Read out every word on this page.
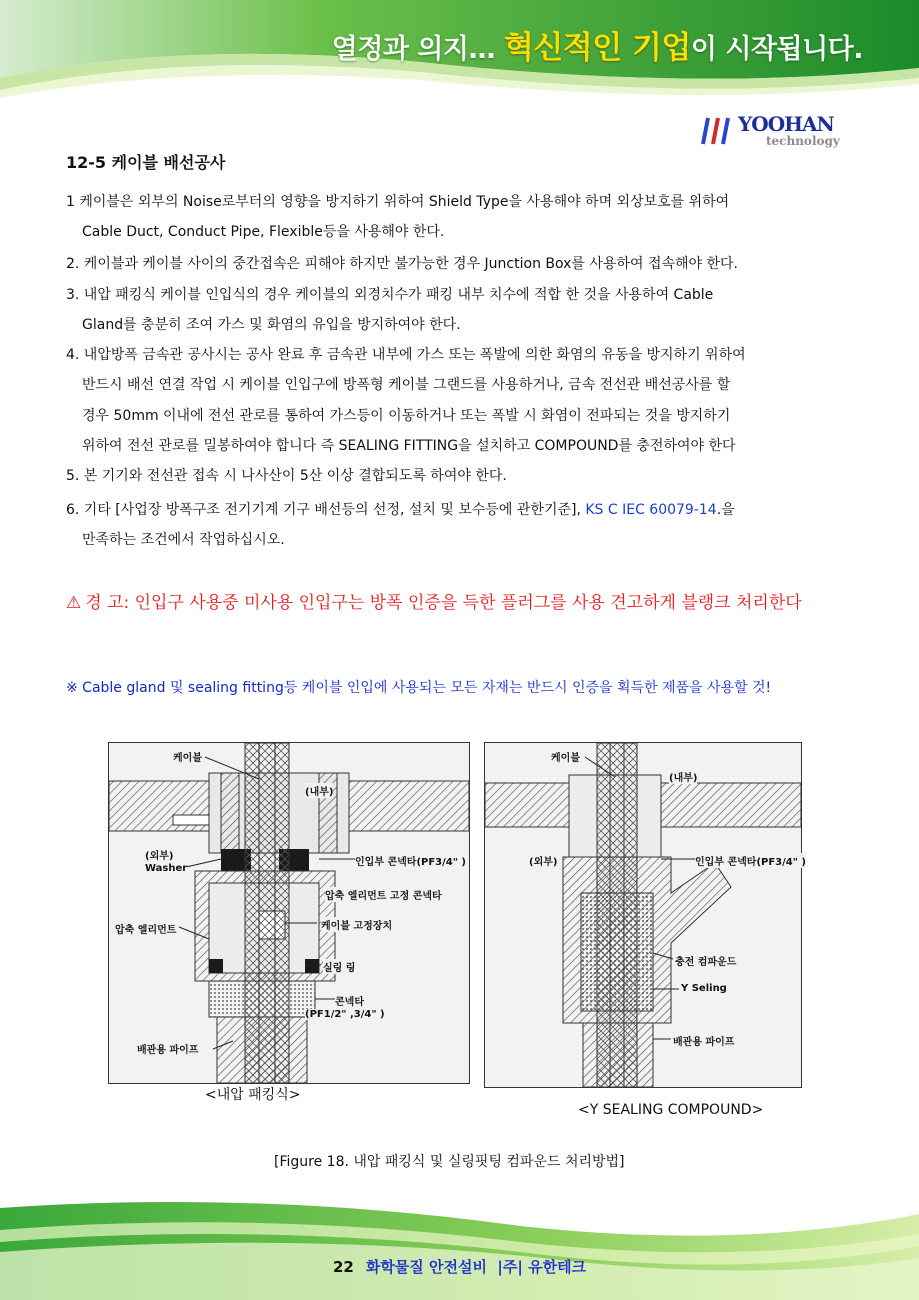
열정과 의지… 혁신적인 기업이 시작됩니다.
YOOHAN
technology
12-5 케이블 배선공사
1 케이블은 외부의 Noise로부터의 영향을 방지하기 위하여 Shield Type을 사용해야 하며 외상보호를 위하여
Cable Duct, Conduct Pipe, Flexible등을 사용해야 한다.
2. 케이블과 케이블 사이의 중간접속은 피해야 하지만 불가능한 경우 Junction Box를 사용하여 접속해야 한다.
3. 내압 패킹식 케이블 인입식의 경우 케이블의 외경치수가 패킹 내부 치수에 적합 한 것을 사용하여 Cable
Gland를 충분히 조여 가스 및 화염의 유입을 방지하여야 한다.
4. 내압방폭 금속관 공사시는 공사 완료 후 금속관 내부에 가스 또는 폭발에 의한 화염의 유동을 방지하기 위하여
반드시 배선 연결 작업 시 케이블 인입구에 방폭형 케이블 그랜드를 사용하거나, 금속 전선관 배선공사를 할
경우 50mm 이내에 전선 관로를 통하여 가스등이 이동하거나 또는 폭발 시 화염이 전파되는 것을 방지하기
위하여 전선 관로를 밀봉하여야 합니다 즉 SEALING FITTING을 설치하고 COMPOUND를 충전하여야 한다
5. 본 기기와 전선관 접속 시 나사산이 5산 이상 결합되도록 하여야 한다.
6. 기타 [사업장 방폭구조 전기기계 기구 배선등의 선정, 설치 및 보수등에 관한기준], KS C IEC 60079-14.을
만족하는 조건에서 작업하십시오.
⚠ 경 고: 인입구 사용중 미사용 인입구는 방폭 인증을 득한 플러그를 사용 견고하게 블랭크 처리한다
※ Cable gland 및 sealing fitting등 케이블 인입에 사용되는 모든 자재는 반드시 인증을 획득한 제품을 사용할 것!
케이블
(내부)
(외부)
Washer
인입부 콘넥타(PF3/4" )
압축 엘리먼트 고정 콘넥타
케이블 고정장치
압축 엘리먼트
실링 링
콘넥타
(PF1/2" ,3/4" )
배관용 파이프
<내압 패킹식>
케이블
(내부)
(외부)	인입부 콘넥타(PF3/4" )
충전 컴파운드
Y Seling
배관용 파이프
<Y SEALING COMPOUND>
[Figure 18. 내압 패킹식 및 실링핏팅 컴파운드 처리방법]
22 화학물질 안전설비  |주| 유한테크
